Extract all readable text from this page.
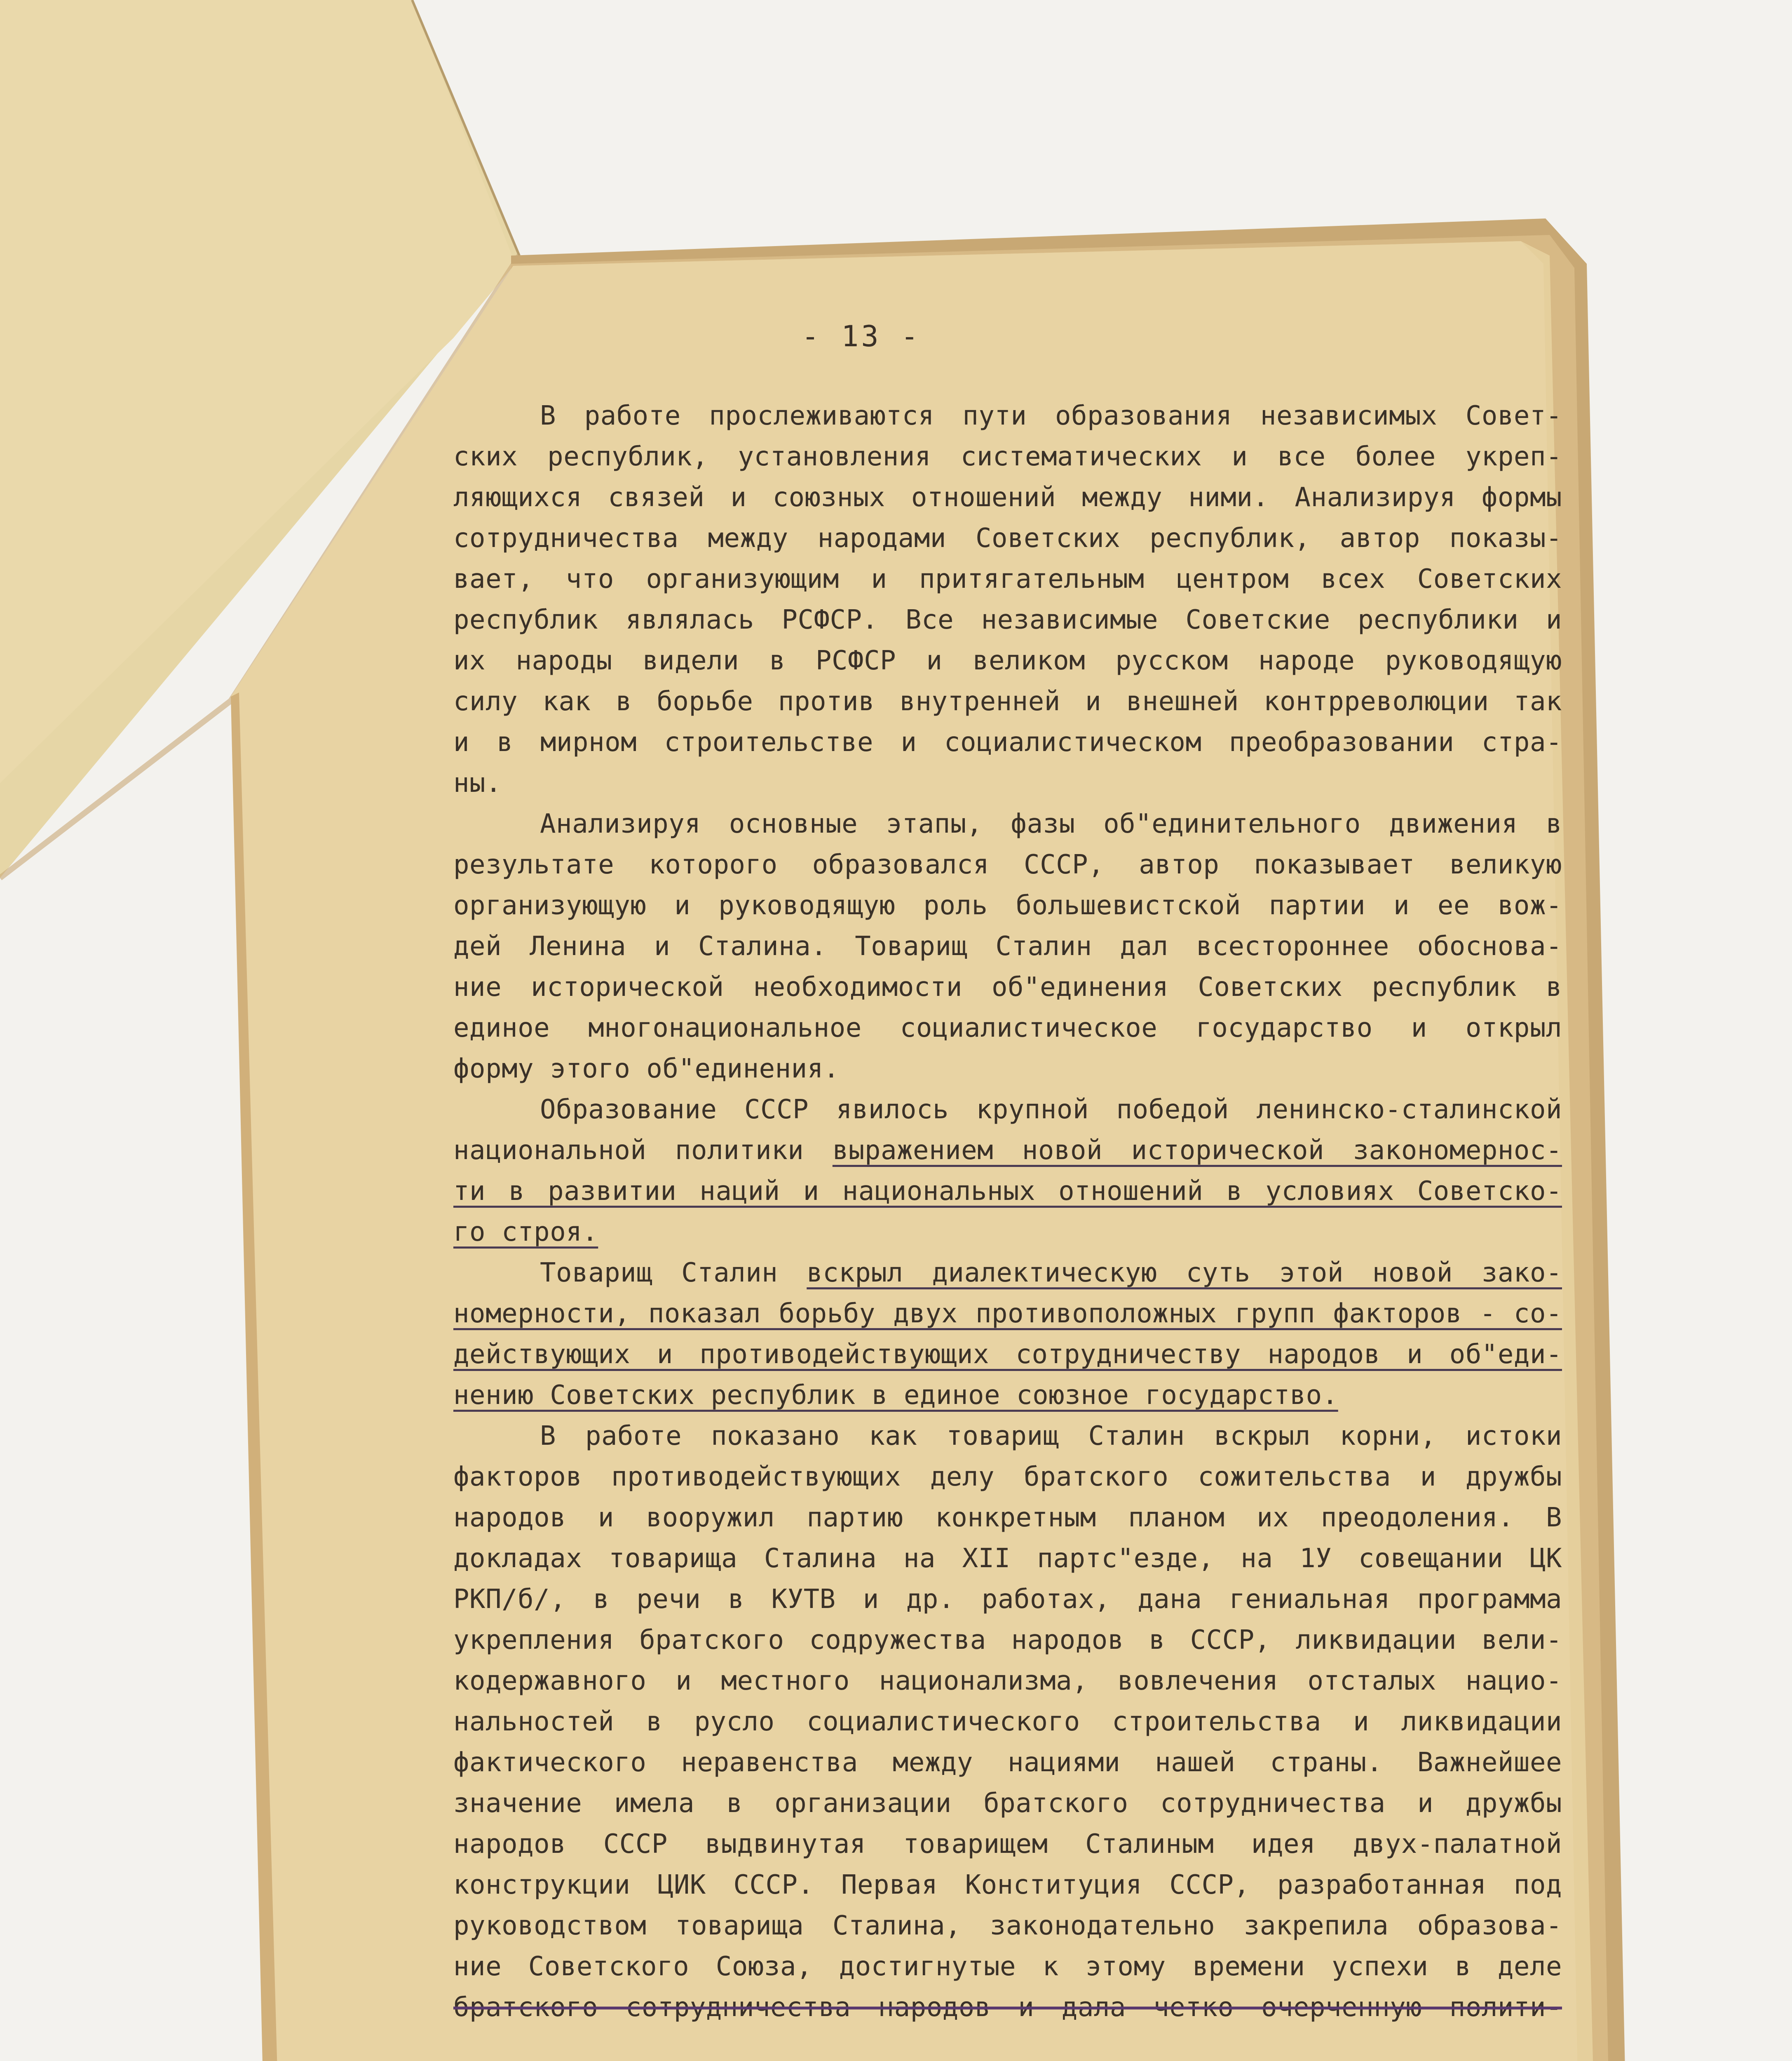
- 13 -
В работе прослеживаются пути образования независимых Совет-
ских республик, установления систематических и все более укреп-
ляющихся связей и союзных отношений между ними. Анализируя формы
сотрудничества между народами Советских республик, автор показы-
вает, что организующим и притягательным центром всех Советских
республик являлась РСФСР. Все независимые Советские республики и
их народы видели в РСФСР и великом русском народе руководящую
силу как в борьбе против внутренней и внешней контрреволюции так
и в мирном строительстве и социалистическом преобразовании стра-
ны.
Анализируя основные этапы, фазы об"единительного движения в
результате которого образовался СССР, автор показывает великую
организующую и руководящую роль большевистской партии и ее вож-
дей Ленина и Сталина. Товарищ Сталин дал всестороннее обоснова-
ние исторической необходимости об"единения Советских республик в
единое многонациональное социалистическое государство и открыл
форму этого об"единения.
Образование СССР явилось крупной победой ленинско-сталинской
национальной политики выражением новой исторической закономернос-
ти в развитии наций и национальных отношений в условиях Советско-
го строя.
Товарищ Сталин вскрыл диалектическую суть этой новой зако-
номерности, показал борьбу двух противоположных групп факторов - со-
действующих и противодействующих сотрудничеству народов и об"еди-
нению Советских республик в единое союзное государство.
В работе показано как товарищ Сталин вскрыл корни, истоки
факторов противодействующих делу братского сожительства и дружбы
народов и вооружил партию конкретным планом их преодоления. В
докладах товарища Сталина на XII партс"езде, на 1У совещании ЦК
РКП/б/, в речи в КУТВ и др. работах, дана гениальная программа
укрепления братского содружества народов в СССР, ликвидации вели-
кодержавного и местного национализма, вовлечения отсталых нацио-
нальностей в русло социалистического строительства и ликвидации
фактического неравенства между нациями нашей страны. Важнейшее
значение имела в организации братского сотрудничества и дружбы
народов СССР выдвинутая товарищем Сталиным идея двух-палатной
конструкции ЦИК СССР. Первая Конституция СССР, разработанная под
руководством товарища Сталина, законодательно закрепила образова-
ние Советского Союза, достигнутые к этому времени успехи в деле
братского сотрудничества народов и дала четко очерченную полити-
